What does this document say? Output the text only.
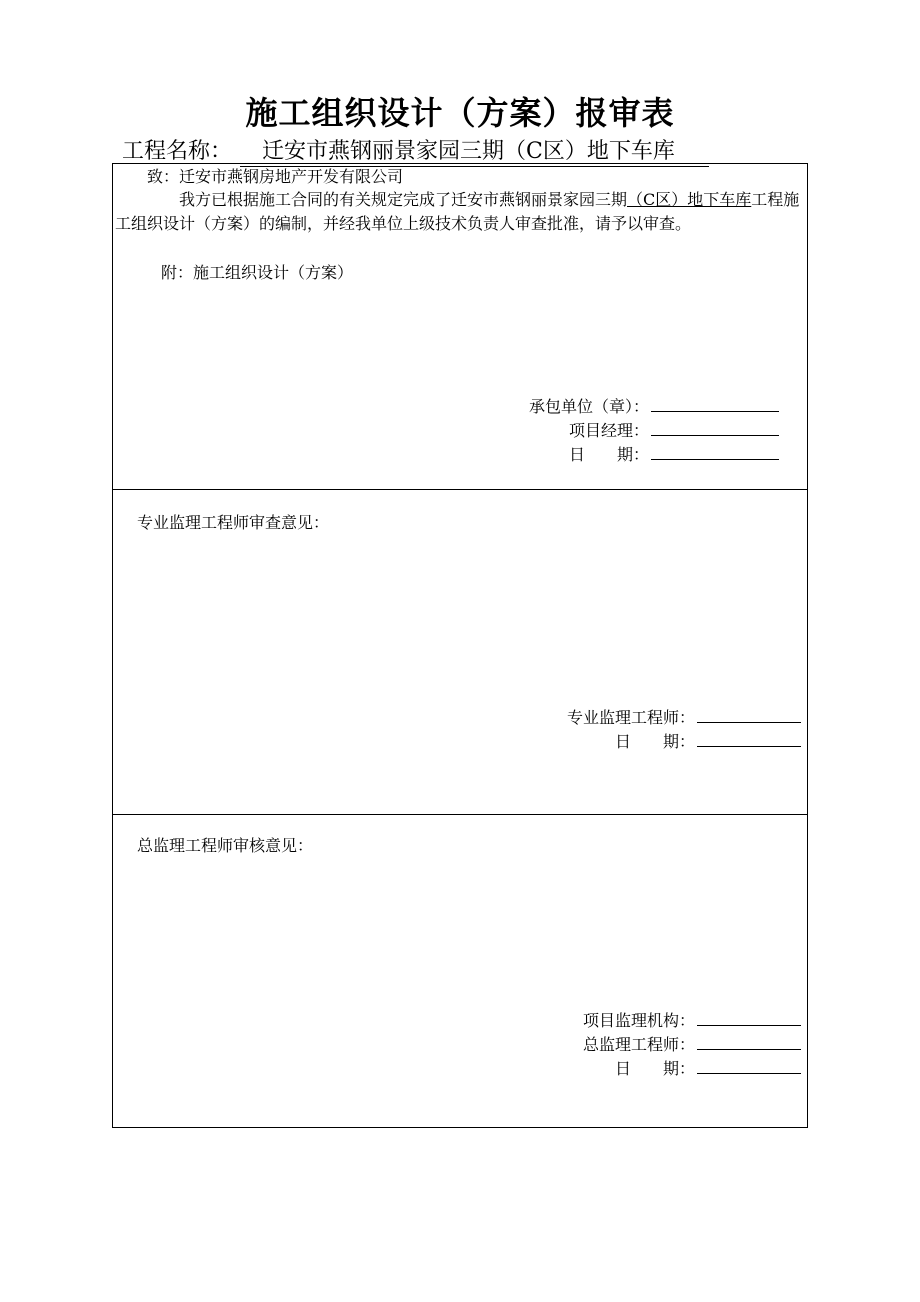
施工组织设计（方案）报审表
工程名称： 迁安市燕钢丽景家园三期（C区）地下车库
致：迁安市燕钢房地产开发有限公司
我方已根据施工合同的有关规定完成了迁安市燕钢丽景家园三期（C区）地下车库工程施工组织设计（方案）的编制，并经我单位上级技术负责人审查批准，请予以审查。
附：施工组织设计（方案）
承包单位（章）：
项目经理：
日　　期：
专业监理工程师审查意见：
专业监理工程师：
日　　期：
总监理工程师审核意见：
项目监理机构：
总监理工程师：
日　　期：
